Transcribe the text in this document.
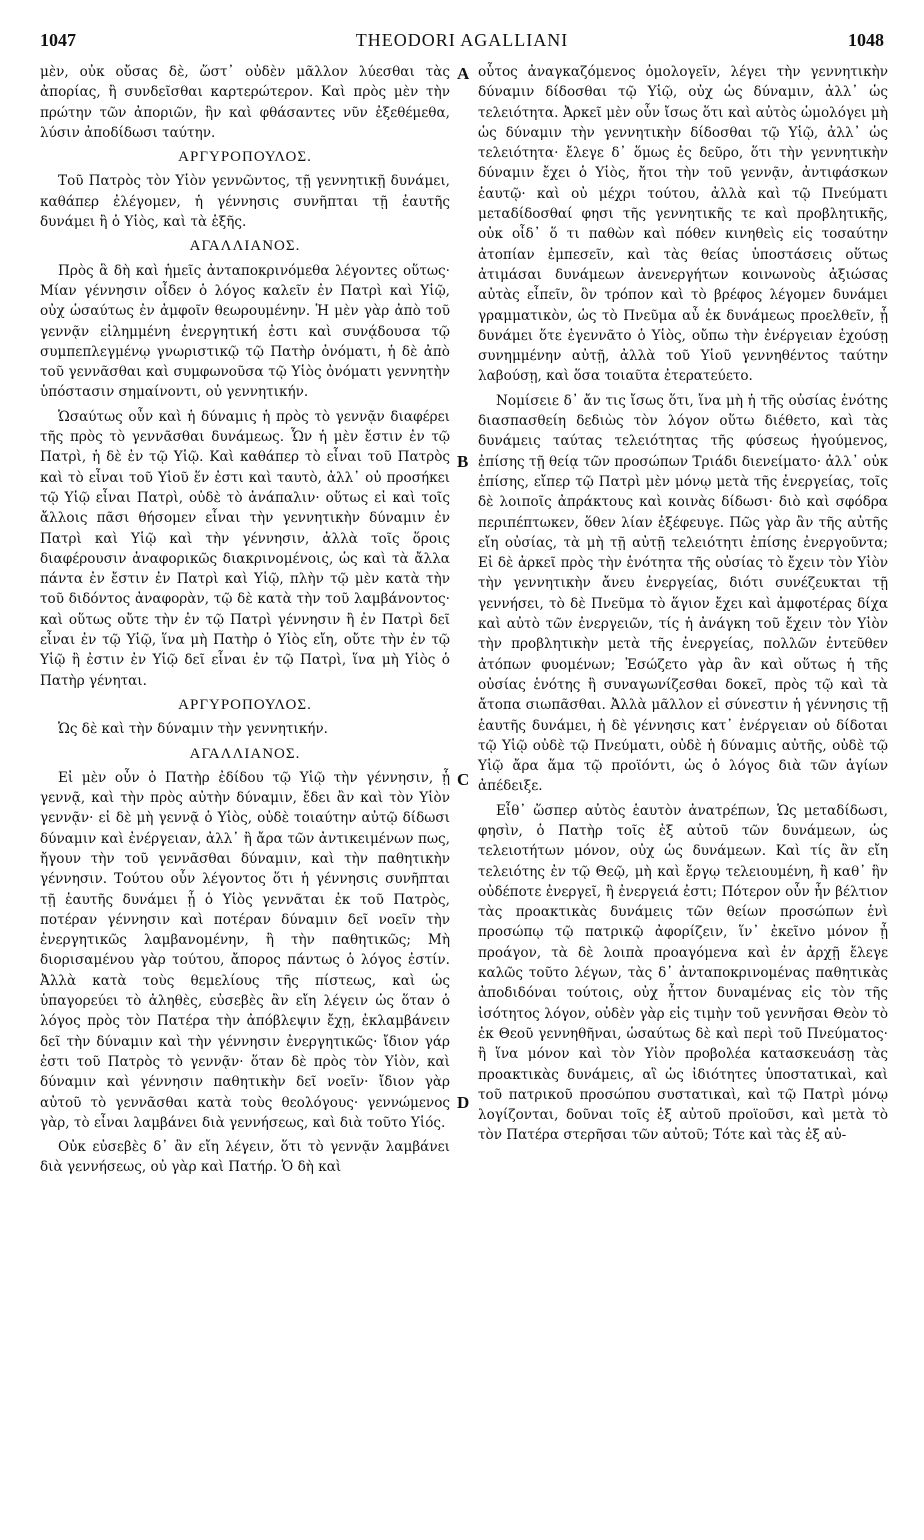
1047	THEODORI AGALLIANI	1048

μὲν, οὐκ οὔσας δὲ, ὥστ᾽ οὐδὲν μᾶλλον λύεσθαι τὰς ἀπορίας, ἢ συνδεῖσθαι καρτερώτερον. Καὶ πρὸς μὲν τὴν πρώτην τῶν ἀποριῶν, ἣν καὶ φθάσαντες νῦν ἐξεθέμεθα, λύσιν ἀποδίδωσι ταύτην.

ΑΡΓΥΡΟΠΟΥΛΟΣ.

Τοῦ Πατρὸς τὸν Υἱὸν γεννῶντος, τῇ γεννητικῇ δυνάμει, καθάπερ ἐλέγομεν, ἡ γέννησις συνῆπται τῇ ἑαυτῆς δυνάμει ἢ ὁ Υἱὸς, καὶ τὰ ἑξῆς.

ΑΓΑΛΛΙΑΝΟΣ.

Πρὸς ἃ δὴ καὶ ἡμεῖς ἀνταποκρινόμεθα λέγοντες οὕτως· Μίαν γέννησιν οἶδεν ὁ λόγος καλεῖν ἐν Πατρὶ καὶ Υἱῷ, οὐχ ὡσαύτως ἐν ἀμφοῖν θεωρουμένην. Ἡ μὲν γὰρ ἀπὸ τοῦ γεννᾷν εἰλημμένη ἐνεργητική ἐστι καὶ συνᾴδουσα τῷ συμπεπλεγμένῳ γνωριστικῷ τῷ Πατὴρ ὀνόματι, ἡ δὲ ἀπὸ τοῦ γεννᾶσθαι καὶ συμφωνοῦσα τῷ Υἱὸς ὀνόματι γεννητὴν ὑπόστασιν σημαίνοντι, οὐ γεννητικήν.

Ὡσαύτως οὖν καὶ ἡ δύναμις ἡ πρὸς τὸ γεννᾷν διαφέρει τῆς πρὸς τὸ γεννᾶσθαι δυνάμεως. Ὧν ἡ μὲν ἔστιν ἐν τῷ Πατρὶ, ἡ δὲ ἐν τῷ Υἱῷ. Καὶ καθάπερ τὸ εἶναι τοῦ Πατρὸς καὶ τὸ εἶναι τοῦ Υἱοῦ ἕν ἐστι καὶ ταυτὸ, ἀλλ᾽ οὐ προσήκει τῷ Υἱῷ εἶναι Πατρὶ, οὐδὲ τὸ ἀνάπαλιν· οὕτως εἰ καὶ τοῖς ἄλλοις πᾶσι θήσομεν εἶναι τὴν γεννητικὴν δύναμιν ἐν Πατρὶ καὶ Υἱῷ καὶ τὴν γέννησιν, ἀλλὰ τοῖς ὅροις διαφέρουσιν ἀναφορικῶς διακρινομένοις, ὡς καὶ τὰ ἄλλα πάντα ἐν ἔστιν ἐν Πατρὶ καὶ Υἱῷ, πλὴν τῷ μὲν κατὰ τὴν τοῦ διδόντος ἀναφορὰν, τῷ δὲ κατὰ τὴν τοῦ λαμβάνοντος· καὶ οὕτως οὔτε τὴν ἐν τῷ Πατρὶ γέννησιν ἢ ἐν Πατρὶ δεῖ εἶναι ἐν τῷ Υἱῷ, ἵνα μὴ Πατὴρ ὁ Υἱὸς εἴη, οὔτε τὴν ἐν τῷ Υἱῷ ἢ ἐστιν ἐν Υἱῷ δεῖ εἶναι ἐν τῷ Πατρὶ, ἵνα μὴ Υἱὸς ὁ Πατὴρ γένηται.

ΑΡΓΥΡΟΠΟΥΛΟΣ.

Ὡς δὲ καὶ τὴν δύναμιν τὴν γεννητικήν.

ΑΓΑΛΛΙΑΝΟΣ.

Εἰ μὲν οὖν ὁ Πατὴρ ἐδίδου τῷ Υἱῷ τὴν γέννησιν, ᾗ γεννᾷ, καὶ τὴν πρὸς αὐτὴν δύναμιν, ἔδει ἂν καὶ τὸν Υἱὸν γεννᾷν· εἰ δὲ μὴ γεννᾷ ὁ Υἱὸς, οὐδὲ τοιαύτην αὐτῷ δίδωσι δύναμιν καὶ ἐνέργειαν, ἀλλ᾽ ἢ ἄρα τῶν ἀντικειμένων πως, ἤγουν τὴν τοῦ γεννᾶσθαι δύναμιν, καὶ τὴν παθητικὴν γέννησιν. Τούτου οὖν λέγοντος ὅτι ἡ γέννησις συνῆπται τῇ ἑαυτῆς δυνάμει ᾗ ὁ Υἱὸς γεννᾶται ἐκ τοῦ Πατρὸς, ποτέραν γέννησιν καὶ ποτέραν δύναμιν δεῖ νοεῖν τὴν ἐνεργητικῶς λαμβανομένην, ἢ τὴν παθητικῶς; Μὴ διορισαμένου γὰρ τούτου, ἄπορος πάντως ὁ λόγος ἐστίν. Ἀλλὰ κατὰ τοὺς θεμελίους τῆς πίστεως, καὶ ὡς ὑπαγορεύει τὸ ἀληθὲς, εὐσεβὲς ἂν εἴη λέγειν ὡς ὅταν ὁ λόγος πρὸς τὸν Πατέρα τὴν ἀπόβλεψιν ἔχῃ, ἐκλαμβάνειν δεῖ τὴν δύναμιν καὶ τὴν γέννησιν ἐνεργητικῶς· ἴδιον γάρ ἐστι τοῦ Πατρὸς τὸ γεννᾷν· ὅταν δὲ πρὸς τὸν Υἱὸν, καὶ δύναμιν καὶ γέννησιν παθητικὴν δεῖ νοεῖν· ἴδιον γὰρ αὐτοῦ τὸ γεννᾶσθαι κατὰ τοὺς θεολόγους· γεννώμενος γὰρ, τὸ εἶναι λαμβάνει διὰ γεννήσεως, καὶ διὰ τοῦτο Υἱός.

Οὐκ εὐσεβὲς δ᾽ ἂν εἴη λέγειν, ὅτι τὸ γεννᾷν λαμβάνει διὰ γεννήσεως, οὐ γὰρ καὶ Πατήρ. Ὁ δὴ καὶ

οὗτος ἀναγκαζόμενος ὁμολογεῖν, λέγει τὴν γεννητικὴν δύναμιν δίδοσθαι τῷ Υἱῷ, οὐχ ὡς δύναμιν, ἀλλ᾽ ὡς τελειότητα. Ἀρκεῖ μὲν οὖν ἴσως ὅτι καὶ αὐτὸς ὡμολόγει μὴ ὡς δύναμιν τὴν γεννητικὴν δίδοσθαι τῷ Υἱῷ, ἀλλ᾽ ὡς τελειότητα· ἔλεγε δ᾽ ὅμως ἐς δεῦρο, ὅτι τὴν γεννητικὴν δύναμιν ἔχει ὁ Υἱὸς, ἤτοι τὴν τοῦ γεννᾷν, ἀντιφάσκων ἑαυτῷ· καὶ οὐ μέχρι τούτου, ἀλλὰ καὶ τῷ Πνεύματι μεταδίδοσθαί φησι τῆς γεννητικῆς τε καὶ προβλητικῆς, οὐκ οἶδ᾽ ὅ τι παθὼν καὶ πόθεν κινηθεὶς εἰς τοσαύτην ἀτοπίαν ἐμπεσεῖν, καὶ τὰς θείας ὑποστάσεις οὕτως ἀτιμάσαι δυνάμεων ἀνενεργήτων κοινωνοὺς ἀξιώσας αὐτὰς εἶπεῖν, ὃν τρόπον καὶ τὸ βρέφος λέγομεν δυνάμει γραμματικὸν, ὡς τὸ Πνεῦμα αὖ ἐκ δυνάμεως προελθεῖν, ᾗ δυνάμει ὅτε ἐγεννᾶτο ὁ Υἱὸς, οὔπω τὴν ἐνέργειαν ἐχούσῃ συνημμένην αὐτῇ, ἀλλὰ τοῦ Υἱοῦ γεννηθέντος ταύτην λαβούσῃ, καὶ ὅσα τοιαῦτα ἐτερατεύετο.

Νομίσειε δ᾽ ἄν τις ἴσως ὅτι, ἵνα μὴ ἡ τῆς οὐσίας ἑνότης διασπασθείη δεδιὼς τὸν λόγον οὕτω διέθετο, καὶ τὰς δυνάμεις ταύτας τελειότητας τῆς φύσεως ἡγούμενος, ἐπίσης τῇ θείᾳ τῶν προσώπων Τριάδι διενείματο· ἀλλ᾽ οὐκ ἐπίσης, εἴπερ τῷ Πατρὶ μὲν μόνῳ μετὰ τῆς ἐνεργείας, τοῖς δὲ λοιποῖς ἀπράκτους καὶ κοινὰς δίδωσι· διὸ καὶ σφόδρα περιπέπτωκεν, ὅθεν λίαν ἐξέφευγε. Πῶς γὰρ ἂν τῆς αὐτῆς εἴη οὐσίας, τὰ μὴ τῇ αὐτῇ τελειότητι ἐπίσης ἐνεργοῦντα; Εἰ δὲ ἀρκεῖ πρὸς τὴν ἑνότητα τῆς οὐσίας τὸ ἔχειν τὸν Υἱὸν τὴν γεννητικὴν ἄνευ ἐνεργείας, διότι συνέζευκται τῇ γεννήσει, τὸ δὲ Πνεῦμα τὸ ἅγιον ἔχει καὶ ἀμφοτέρας δίχα καὶ αὐτὸ τῶν ἐνεργειῶν, τίς ἡ ἀνάγκη τοῦ ἔχειν τὸν Υἱὸν τὴν προβλητικὴν μετὰ τῆς ἐνεργείας, πολλῶν ἐντεῦθεν ἀτόπων φυομένων; Ἐσώζετο γὰρ ἂν καὶ οὕτως ἡ τῆς οὐσίας ἑνότης ἣ συναγωνίζεσθαι δοκεῖ, πρὸς τῷ καὶ τὰ ἄτοπα σιωπᾶσθαι. Ἀλλὰ μᾶλλον εἰ σύνεστιν ἡ γέννησις τῇ ἑαυτῆς δυνάμει, ἡ δὲ γέννησις κατ᾽ ἐνέργειαν οὐ δίδοται τῷ Υἱῷ οὐδὲ τῷ Πνεύματι, οὐδὲ ἡ δύναμις αὐτῆς, οὐδὲ τῷ Υἱῷ ἄρα ἅμα τῷ προϊόντι, ὡς ὁ λόγος διὰ τῶν ἁγίων ἀπέδειξε.

Εἶθ᾽ ὥσπερ αὐτὸς ἑαυτὸν ἀνατρέπων, Ὡς μεταδίδωσι, φησὶν, ὁ Πατὴρ τοῖς ἐξ αὐτοῦ τῶν δυνάμεων, ὡς τελειοτήτων μόνον, οὐχ ὡς δυνάμεων. Καὶ τίς ἂν εἴη τελειότης ἐν τῷ Θεῷ, μὴ καὶ ἔργῳ τελειουμένη, ἢ καθ᾽ ἣν οὐδέποτε ἐνεργεῖ, ἢ ἐνεργειά ἐστι; Πότερον οὖν ἦν βέλτιον τὰς προακτικὰς δυνάμεις τῶν θείων προσώπων ἑνὶ προσώπῳ τῷ πατρικῷ ἀφορίζειν, ἵν᾽ ἐκεῖνο μόνον ᾖ προάγον, τὰ δὲ λοιπὰ προαγόμενα καὶ ἐν ἀρχῇ ἔλεγε καλῶς τοῦτο λέγων, τὰς δ᾽ ἀνταποκρινομένας παθητικὰς ἀποδιδόναι τούτοις, οὐχ ἧττον δυναμένας εἰς τὸν τῆς ἰσότητος λόγον, οὐδὲν γὰρ εἰς τιμὴν τοῦ γεννῆσαι Θεὸν τὸ ἐκ Θεοῦ γεννηθῆναι, ὡσαύτως δὲ καὶ περὶ τοῦ Πνεύματος· ἢ ἵνα μόνον καὶ τὸν Υἱὸν προβολέα κατασκευάσῃ τὰς προακτικὰς δυνάμεις, αἳ ὡς ἰδιότητες ὑποστατικαὶ, καὶ τοῦ πατρικοῦ προσώπου συστατικαὶ, καὶ τῷ Πατρὶ μόνῳ λογίζονται, δοῦναι τοῖς ἐξ αὐτοῦ προϊοῦσι, καὶ μετὰ τὸ τὸν Πατέρα στερῆσαι τῶν αὐτοῦ; Τότε καὶ τὰς ἐξ αὐ-

A
B
C
D
